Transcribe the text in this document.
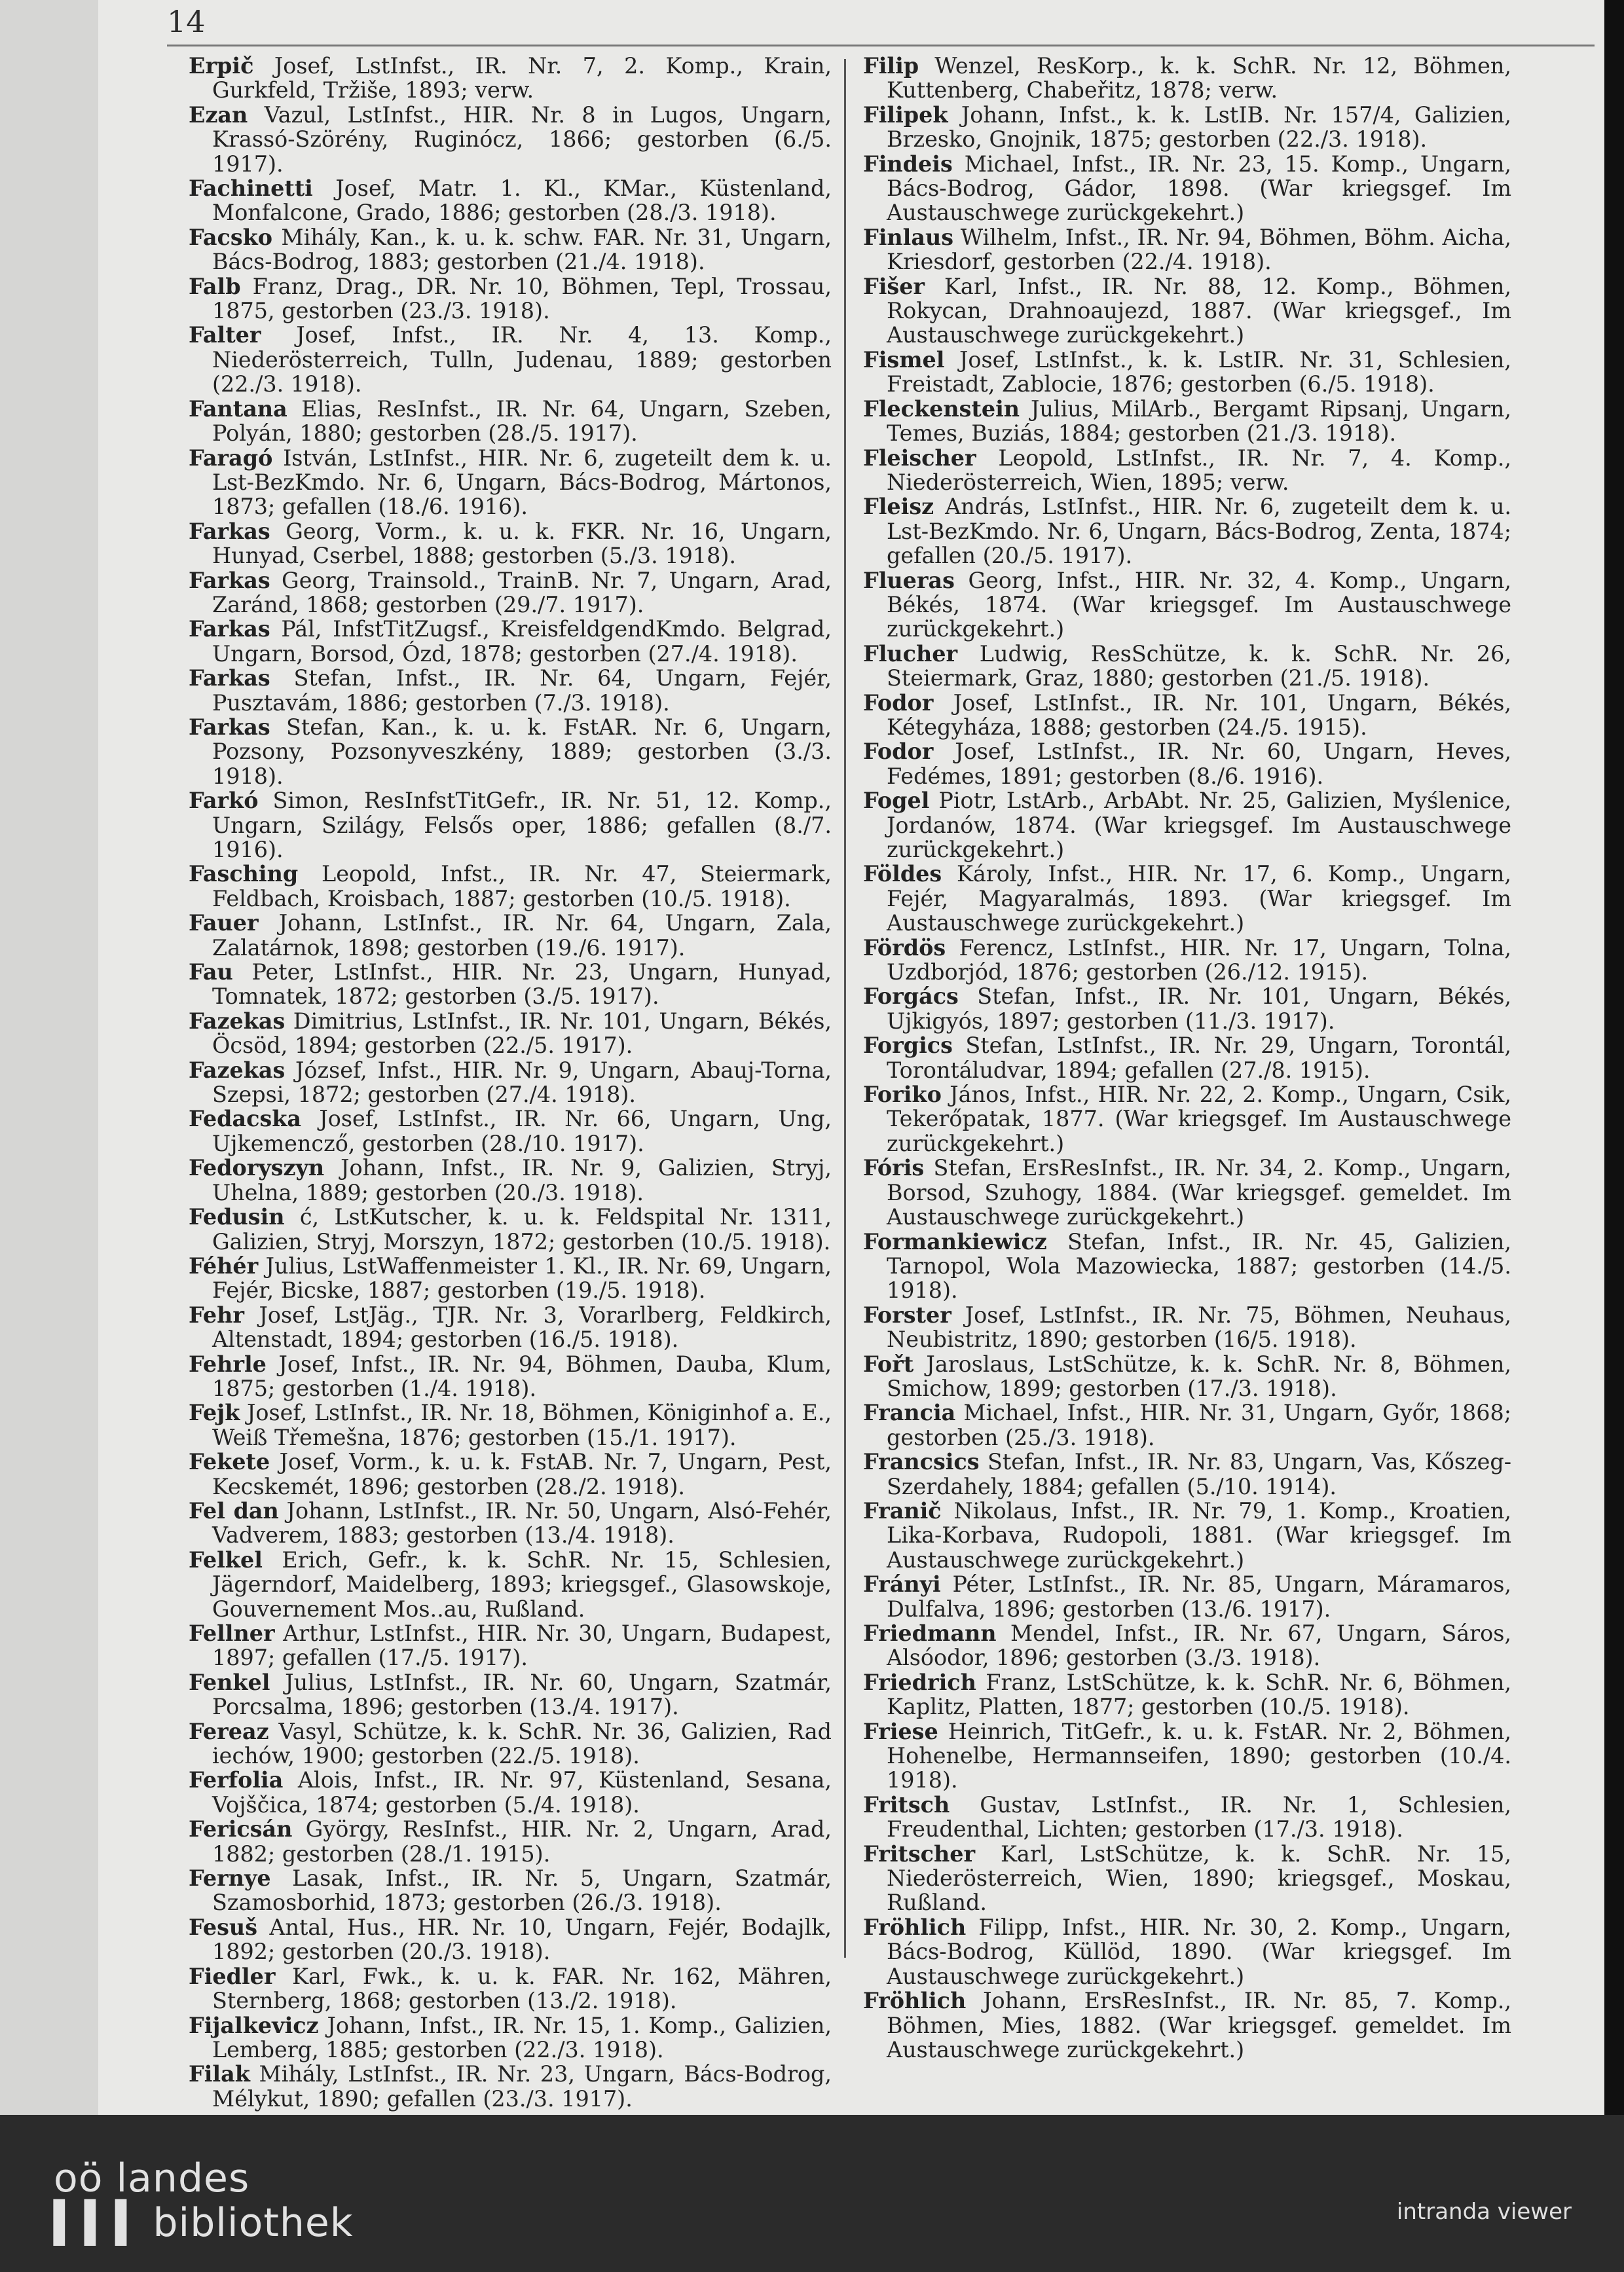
14
Erpič Josef, LstInfst., IR. Nr. 7, 2. Komp., Krain, Gurkfeld, Tržiše, 1893; verw.
Ezan Vazul, LstInfst., HIR. Nr. 8 in Lugos, Ungarn, Krassó-Szörény, Ruginócz, 1866; gestorben (6./5. 1917).
Fachinetti Josef, Matr. 1. Kl., KMar., Küstenland, Monfalcone, Grado, 1886; gestorben (28./3. 1918).
Facsko Mihály, Kan., k. u. k. schw. FAR. Nr. 31, Ungarn, Bács-Bodrog, 1883; gestorben (21./4. 1918).
Falb Franz, Drag., DR. Nr. 10, Böhmen, Tepl, Trossau, 1875, gestorben (23./3. 1918).
Falter Josef, Infst., IR. Nr. 4, 13. Komp., Niederösterreich, Tulln, Judenau, 1889; gestorben (22./3. 1918).
Fantana Elias, ResInfst., IR. Nr. 64, Ungarn, Szeben, Polyán, 1880; gestorben (28./5. 1917).
Faragó István, LstInfst., HIR. Nr. 6, zugeteilt dem k. u. Lst-BezKmdo. Nr. 6, Ungarn, Bács-Bodrog, Mártonos, 1873; gefallen (18./6. 1916).
Farkas Georg, Vorm., k. u. k. FKR. Nr. 16, Ungarn, Hunyad, Cserbel, 1888; gestorben (5./3. 1918).
Farkas Georg, Trainsold., TrainB. Nr. 7, Ungarn, Arad, Zaránd, 1868; gestorben (29./7. 1917).
Farkas Pál, InfstTitZugsf., KreisfeldgendKmdo. Belgrad, Ungarn, Borsod, Ózd, 1878; gestorben (27./4. 1918).
Farkas Stefan, Infst., IR. Nr. 64, Ungarn, Fejér, Pusztavám, 1886; gestorben (7./3. 1918).
Farkas Stefan, Kan., k. u. k. FstAR. Nr. 6, Ungarn, Pozsony, Pozsonyveszkény, 1889; gestorben (3./3. 1918).
Farkó Simon, ResInfstTitGefr., IR. Nr. 51, 12. Komp., Ungarn, Szilágy, Felsős oper, 1886; gefallen (8./7. 1916).
Fasching Leopold, Infst., IR. Nr. 47, Steiermark, Feldbach, Kroisbach, 1887; gestorben (10./5. 1918).
Fauer Johann, LstInfst., IR. Nr. 64, Ungarn, Zala, Zalatárnok, 1898; gestorben (19./6. 1917).
Fau Peter, LstInfst., HIR. Nr. 23, Ungarn, Hunyad, Tomnatek, 1872; gestorben (3./5. 1917).
Fazekas Dimitrius, LstInfst., IR. Nr. 101, Ungarn, Békés, Öcsöd, 1894; gestorben (22./5. 1917).
Fazekas József, Infst., HIR. Nr. 9, Ungarn, Abauj-Torna, Szepsi, 1872; gestorben (27./4. 1918).
Fedacska Josef, LstInfst., IR. Nr. 66, Ungarn, Ung, Ujkemencző, gestorben (28./10. 1917).
Fedoryszyn Johann, Infst., IR. Nr. 9, Galizien, Stryj, Uhelna, 1889; gestorben (20./3. 1918).
Fedusin ć, LstKutscher, k. u. k. Feldspital Nr. 1311, Galizien, Stryj, Morszyn, 1872; gestorben (10./5. 1918).
Féhér Julius, LstWaffenmeister 1. Kl., IR. Nr. 69, Ungarn, Fejér, Bicske, 1887; gestorben (19./5. 1918).
Fehr Josef, LstJäg., TJR. Nr. 3, Vorarlberg, Feldkirch, Altenstadt, 1894; gestorben (16./5. 1918).
Fehrle Josef, Infst., IR. Nr. 94, Böhmen, Dauba, Klum, 1875; gestorben (1./4. 1918).
Fejk Josef, LstInfst., IR. Nr. 18, Böhmen, Königinhof a. E., Weiß Třemešna, 1876; gestorben (15./1. 1917).
Fekete Josef, Vorm., k. u. k. FstAB. Nr. 7, Ungarn, Pest, Kecskemét, 1896; gestorben (28./2. 1918).
Fel dan Johann, LstInfst., IR. Nr. 50, Ungarn, Alsó-Fehér, Vadverem, 1883; gestorben (13./4. 1918).
Felkel Erich, Gefr., k. k. SchR. Nr. 15, Schlesien, Jägerndorf, Maidelberg, 1893; kriegsgef., Glasowskoje, Gouvernement Mos..au, Rußland.
Fellner Arthur, LstInfst., HIR. Nr. 30, Ungarn, Budapest, 1897; gefallen (17./5. 1917).
Fenkel Julius, LstInfst., IR. Nr. 60, Ungarn, Szatmár, Porcsalma, 1896; gestorben (13./4. 1917).
Fereaz Vasyl, Schütze, k. k. SchR. Nr. 36, Galizien, Rad iechów, 1900; gestorben (22./5. 1918).
Ferfolia Alois, Infst., IR. Nr. 97, Küstenland, Sesana, Vojščica, 1874; gestorben (5./4. 1918).
Fericsán György, ResInfst., HIR. Nr. 2, Ungarn, Arad, 1882; gestorben (28./1. 1915).
Fernye Lasak, Infst., IR. Nr. 5, Ungarn, Szatmár, Szamosborhid, 1873; gestorben (26./3. 1918).
Fesuš Antal, Hus., HR. Nr. 10, Ungarn, Fejér, Bodajlk, 1892; gestorben (20./3. 1918).
Fiedler Karl, Fwk., k. u. k. FAR. Nr. 162, Mähren, Sternberg, 1868; gestorben (13./2. 1918).
Fijalkevicz Johann, Infst., IR. Nr. 15, 1. Komp., Galizien, Lemberg, 1885; gestorben (22./3. 1918).
Filak Mihály, LstInfst., IR. Nr. 23, Ungarn, Bács-Bodrog, Mélykut, 1890; gefallen (23./3. 1917).
Filip Wenzel, ResKorp., k. k. SchR. Nr. 12, Böhmen, Kuttenberg, Chabeřitz, 1878; verw.
Filipek Johann, Infst., k. k. LstIB. Nr. 157/4, Galizien, Brzesko, Gnojnik, 1875; gestorben (22./3. 1918).
Findeis Michael, Infst., IR. Nr. 23, 15. Komp., Ungarn, Bács-Bodrog, Gádor, 1898. (War kriegsgef. Im Austauschwege zurückgekehrt.)
Finlaus Wilhelm, Infst., IR. Nr. 94, Böhmen, Böhm. Aicha, Kriesdorf, gestorben (22./4. 1918).
Fišer Karl, Infst., IR. Nr. 88, 12. Komp., Böhmen, Rokycan, Drahnoaujezd, 1887. (War kriegsgef., Im Austauschwege zurückgekehrt.)
Fismel Josef, LstInfst., k. k. LstIR. Nr. 31, Schlesien, Freistadt, Zablocie, 1876; gestorben (6./5. 1918).
Fleckenstein Julius, MilArb., Bergamt Ripsanj, Ungarn, Temes, Buziás, 1884; gestorben (21./3. 1918).
Fleischer Leopold, LstInfst., IR. Nr. 7, 4. Komp., Niederösterreich, Wien, 1895; verw.
Fleisz András, LstInfst., HIR. Nr. 6, zugeteilt dem k. u. Lst-BezKmdo. Nr. 6, Ungarn, Bács-Bodrog, Zenta, 1874; gefallen (20./5. 1917).
Flueras Georg, Infst., HIR. Nr. 32, 4. Komp., Ungarn, Békés, 1874. (War kriegsgef. Im Austauschwege zurückgekehrt.)
Flucher Ludwig, ResSchütze, k. k. SchR. Nr. 26, Steiermark, Graz, 1880; gestorben (21./5. 1918).
Fodor Josef, LstInfst., IR. Nr. 101, Ungarn, Békés, Kétegyháza, 1888; gestorben (24./5. 1915).
Fodor Josef, LstInfst., IR. Nr. 60, Ungarn, Heves, Fedémes, 1891; gestorben (8./6. 1916).
Fogel Piotr, LstArb., ArbAbt. Nr. 25, Galizien, Myślenice, Jordanów, 1874. (War kriegsgef. Im Austauschwege zurückgekehrt.)
Földes Károly, Infst., HIR. Nr. 17, 6. Komp., Ungarn, Fejér, Magyaralmás, 1893. (War kriegsgef. Im Austauschwege zurückgekehrt.)
Fördös Ferencz, LstInfst., HIR. Nr. 17, Ungarn, Tolna, Uzdborjód, 1876; gestorben (26./12. 1915).
Forgács Stefan, Infst., IR. Nr. 101, Ungarn, Békés, Ujkigyós, 1897; gestorben (11./3. 1917).
Forgics Stefan, LstInfst., IR. Nr. 29, Ungarn, Torontál, Torontáludvar, 1894; gefallen (27./8. 1915).
Foriko János, Infst., HIR. Nr. 22, 2. Komp., Ungarn, Csik, Tekerőpatak, 1877. (War kriegsgef. Im Austauschwege zurückgekehrt.)
Fóris Stefan, ErsResInfst., IR. Nr. 34, 2. Komp., Ungarn, Borsod, Szuhogy, 1884. (War kriegsgef. gemeldet. Im Austauschwege zurückgekehrt.)
Formankiewicz Stefan, Infst., IR. Nr. 45, Galizien, Tarnopol, Wola Mazowiecka, 1887; gestorben (14./5. 1918).
Forster Josef, LstInfst., IR. Nr. 75, Böhmen, Neuhaus, Neubistritz, 1890; gestorben (16/5. 1918).
Fořt Jaroslaus, LstSchütze, k. k. SchR. Nr. 8, Böhmen, Smichow, 1899; gestorben (17./3. 1918).
Francia Michael, Infst., HIR. Nr. 31, Ungarn, Győr, 1868; gestorben (25./3. 1918).
Francsics Stefan, Infst., IR. Nr. 83, Ungarn, Vas, Kőszeg-Szerdahely, 1884; gefallen (5./10. 1914).
Franič Nikolaus, Infst., IR. Nr. 79, 1. Komp., Kroatien, Lika-Korbava, Rudopoli, 1881. (War kriegsgef. Im Austauschwege zurückgekehrt.)
Frányi Péter, LstInfst., IR. Nr. 85, Ungarn, Máramaros, Dulfalva, 1896; gestorben (13./6. 1917).
Friedmann Mendel, Infst., IR. Nr. 67, Ungarn, Sáros, Alsóodor, 1896; gestorben (3./3. 1918).
Friedrich Franz, LstSchütze, k. k. SchR. Nr. 6, Böhmen, Kaplitz, Platten, 1877; gestorben (10./5. 1918).
Friese Heinrich, TitGefr., k. u. k. FstAR. Nr. 2, Böhmen, Hohenelbe, Hermannseifen, 1890; gestorben (10./4. 1918).
Fritsch Gustav, LstInfst., IR. Nr. 1, Schlesien, Freudenthal, Lichten; gestorben (17./3. 1918).
Fritscher Karl, LstSchütze, k. k. SchR. Nr. 15, Niederösterreich, Wien, 1890; kriegsgef., Moskau, Rußland.
Fröhlich Filipp, Infst., HIR. Nr. 30, 2. Komp., Ungarn, Bács-Bodrog, Küllöd, 1890. (War kriegsgef. Im Austauschwege zurückgekehrt.)
Fröhlich Johann, ErsResInfst., IR. Nr. 85, 7. Komp., Böhmen, Mies, 1882. (War kriegsgef. gemeldet. Im Austauschwege zurückgekehrt.)
oö landes
▍▍▍ bibliothek	intranda viewer
